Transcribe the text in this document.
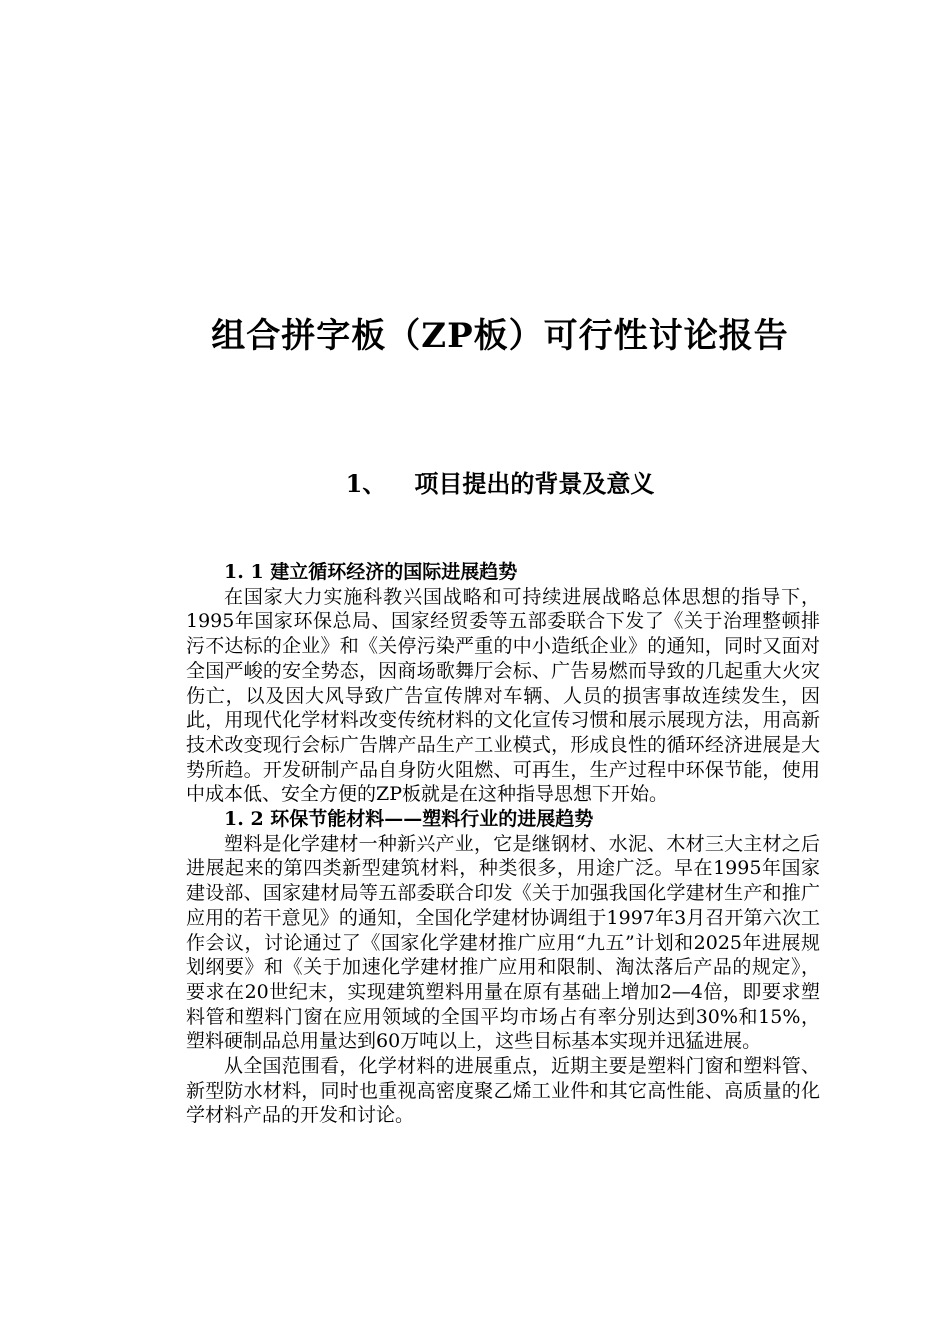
组合拼字板（ZP板）可行性讨论报告
1、 项目提出的背景及意义

1. 1 建立循环经济的国际进展趋势

在国家大力实施科教兴国战略和可持续进展战略总体思想的指导下，1995年国家环保总局、国家经贸委等五部委联合下发了《关于治理整顿排污不达标的企业》和《关停污染严重的中小造纸企业》的通知，同时又面对全国严峻的安全势态，因商场歌舞厅会标、广告易燃而导致的几起重大火灾伤亡，以及因大风导致广告宣传牌对车辆、人员的损害事故连续发生，因此，用现代化学材料改变传统材料的文化宣传习惯和展示展现方法，用高新技术改变现行会标广告牌产品生产工业模式，形成良性的循环经济进展是大势所趋。开发研制产品自身防火阻燃、可再生，生产过程中环保节能，使用中成本低、安全方便的ZP板就是在这种指导思想下开始。

1. 2 环保节能材料——塑料行业的进展趋势

塑料是化学建材一种新兴产业，它是继钢材、水泥、木材三大主材之后进展起来的第四类新型建筑材料，种类很多，用途广泛。早在1995年国家建设部、国家建材局等五部委联合印发《关于加强我国化学建材生产和推广应用的若干意见》的通知，全国化学建材协调组于1997年3月召开第六次工作会议，讨论通过了《国家化学建材推广应用“九五”计划和2025年进展规划纲要》和《关于加速化学建材推广应用和限制、淘汰落后产品的规定》，要求在20世纪末，实现建筑塑料用量在原有基础上增加2—4倍，即要求塑料管和塑料门窗在应用领域的全国平均市场占有率分别达到30%和15%，塑料硬制品总用量达到60万吨以上，这些目标基本实现并迅猛进展。

从全国范围看，化学材料的进展重点，近期主要是塑料门窗和塑料管、新型防水材料，同时也重视高密度聚乙烯工业件和其它高性能、高质量的化学材料产品的开发和讨论。
